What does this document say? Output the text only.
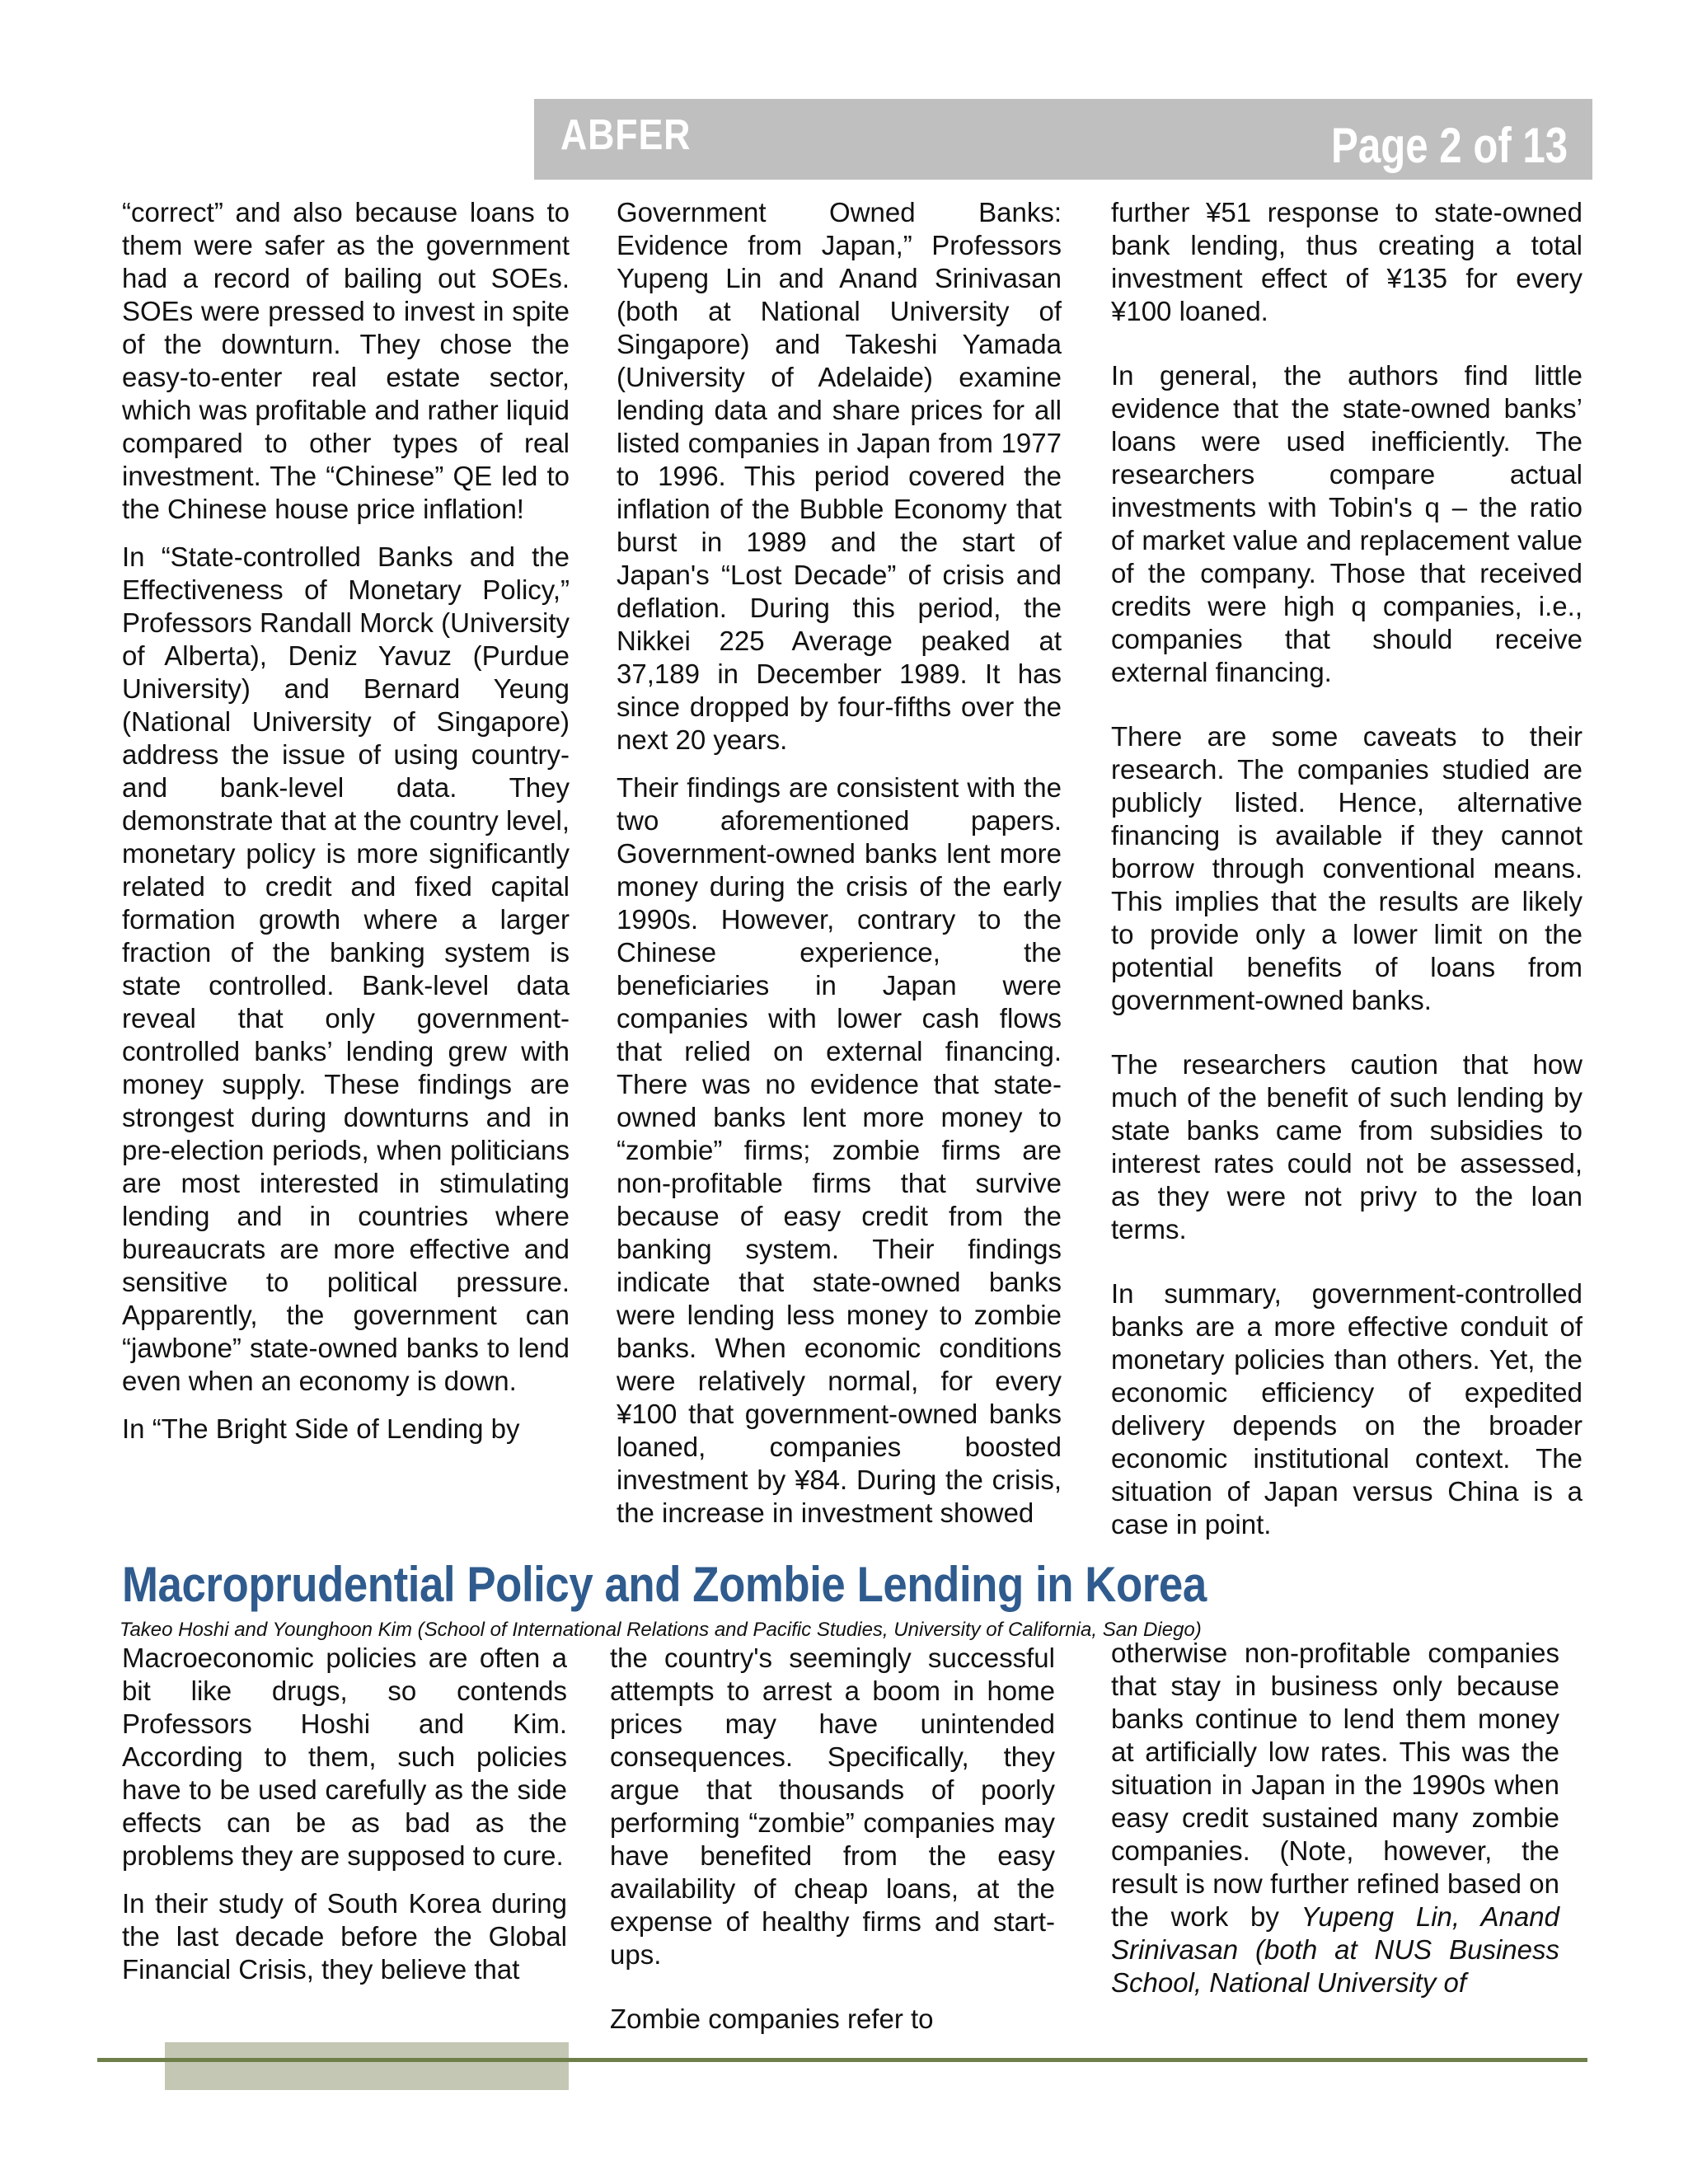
ABFER	Page 2 of 13

“correct” and also because loans to them were safer as the government had a record of bailing out SOEs. SOEs were pressed to invest in spite of the downturn. They chose the easy-to-enter real estate sector, which was profitable and rather liquid compared to other types of real investment. The “Chinese” QE led to the Chinese house price inflation!

In “State-controlled Banks and the Effectiveness of Monetary Policy,” Professors Randall Morck (University of Alberta), Deniz Yavuz (Purdue University) and Bernard Yeung (National University of Singapore) address the issue of using country- and bank-level data. They demonstrate that at the country level, monetary policy is more significantly related to credit and fixed capital formation growth where a larger fraction of the banking system is state controlled. Bank-level data reveal that only government-controlled banks’ lending grew with money supply. These findings are strongest during downturns and in pre-election periods, when politicians are most interested in stimulating lending and in countries where bureaucrats are more effective and sensitive to political pressure. Apparently, the government can “jawbone” state-owned banks to lend even when an economy is down.

In “The Bright Side of Lending by

Government Owned Banks: Evidence from Japan,” Professors Yupeng Lin and Anand Srinivasan (both at National University of Singapore) and Takeshi Yamada (University of Adelaide) examine lending data and share prices for all listed companies in Japan from 1977 to 1996. This period covered the inflation of the Bubble Economy that burst in 1989 and the start of Japan's “Lost Decade” of crisis and deflation. During this period, the Nikkei 225 Average peaked at 37,189 in December 1989. It has since dropped by four-fifths over the next 20 years.

Their findings are consistent with the two aforementioned papers. Government-owned banks lent more money during the crisis of the early 1990s. However, contrary to the Chinese experience, the beneficiaries in Japan were companies with lower cash flows that relied on external financing. There was no evidence that state-owned banks lent more money to “zombie” firms; zombie firms are non-profitable firms that survive because of easy credit from the banking system. Their findings indicate that state-owned banks were lending less money to zombie banks. When economic conditions were relatively normal, for every ¥100 that government-owned banks loaned, companies boosted investment by ¥84. During the crisis, the increase in investment showed

further ¥51 response to state-owned bank lending, thus creating a total investment effect of ¥135 for every ¥100 loaned.

In general, the authors find little evidence that the state-owned banks’ loans were used inefficiently. The researchers compare actual investments with Tobin's q – the ratio of market value and replacement value of the company. Those that received credits were high q companies, i.e., companies that should receive external financing.

There are some caveats to their research. The companies studied are publicly listed. Hence, alternative financing is available if they cannot borrow through conventional means. This implies that the results are likely to provide only a lower limit on the potential benefits of loans from government-owned banks.

The researchers caution that how much of the benefit of such lending by state banks came from subsidies to interest rates could not be assessed, as they were not privy to the loan terms.

In summary, government-controlled banks are a more effective conduit of monetary policies than others. Yet, the economic efficiency of expedited delivery depends on the broader economic institutional context. The situation of Japan versus China is a case in point.

Macroprudential Policy and Zombie Lending in Korea
Takeo Hoshi and Younghoon Kim (School of International Relations and Pacific Studies, University of California, San Diego)

Macroeconomic policies are often a bit like drugs, so contends Professors Hoshi and Kim. According to them, such policies have to be used carefully as the side effects can be as bad as the problems they are supposed to cure.

In their study of South Korea during the last decade before the Global Financial Crisis, they believe that

the country's seemingly successful attempts to arrest a boom in home prices may have unintended consequences. Specifically, they argue that thousands of poorly performing “zombie” companies may have benefited from the easy availability of cheap loans, at the expense of healthy firms and start-ups.

Zombie companies refer to

otherwise non-profitable companies that stay in business only because banks continue to lend them money at artificially low rates. This was the situation in Japan in the 1990s when easy credit sustained many zombie companies. (Note, however, the result is now further refined based on the work by Yupeng Lin, Anand Srinivasan (both at NUS Business School, National University of
